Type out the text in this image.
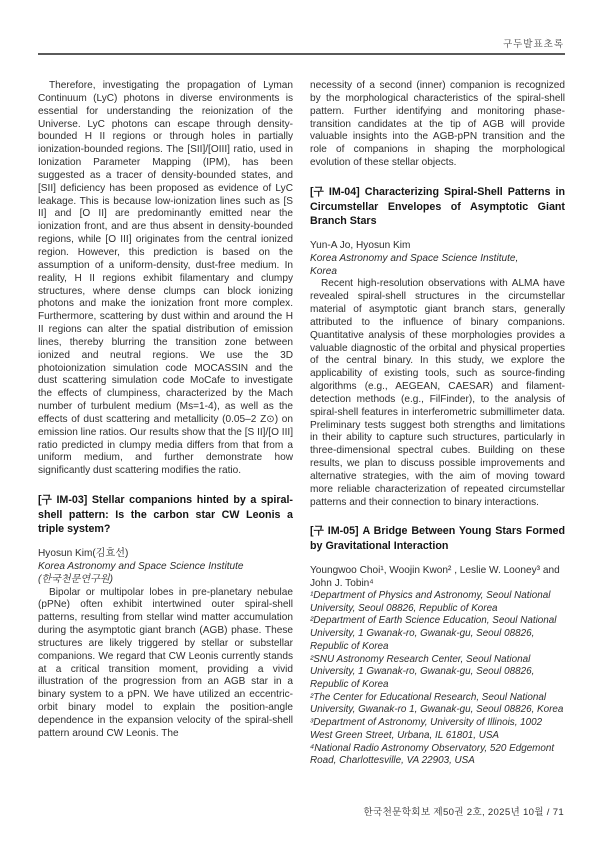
구두발표초록

Therefore, investigating the propagation of Lyman Continuum (LyC) photons in diverse environments is essential for understanding the reionization of the Universe. LyC photons can escape through density-bounded H II regions or through holes in partially ionization-bounded regions. The [SII]/[OIII] ratio, used in Ionization Parameter Mapping (IPM), has been suggested as a tracer of density-bounded states, and [SII] deficiency has been proposed as evidence of LyC leakage. This is because low-ionization lines such as [S II] and [O II] are predominantly emitted near the ionization front, and are thus absent in density-bounded regions, while [O III] originates from the central ionized region. However, this prediction is based on the assumption of a uniform-density, dust-free medium. In reality, H II regions exhibit filamentary and clumpy structures, where dense clumps can block ionizing photons and make the ionization front more complex. Furthermore, scattering by dust within and around the H II regions can alter the spatial distribution of emission lines, thereby blurring the transition zone between ionized and neutral regions. We use the 3D photoionization simulation code MOCASSIN and the dust scattering simulation code MoCafe to investigate the effects of clumpiness, characterized by the Mach number of turbulent medium (Ms=1-4), as well as the effects of dust scattering and metallicity (0.05–2 Z⊙) on emission line ratios. Our results show that the [S II]/[O III] ratio predicted in clumpy media differs from that from a uniform medium, and further demonstrate how significantly dust scattering modifies the ratio.

[구 IM-03] Stellar companions hinted by a spiral-shell pattern: Is the carbon star CW Leonis a triple system?
Hyosun Kim(김효선)
Korea Astronomy and Space Science Institute
(한국천문연구원)

Bipolar or multipolar lobes in pre-planetary nebulae (pPNe) often exhibit intertwined outer spiral-shell patterns, resulting from stellar wind matter accumulation during the asymptotic giant branch (AGB) phase. These structures are likely triggered by stellar or substellar companions. We regard that CW Leonis currently stands at a critical transition moment, providing a vivid illustration of the progression from an AGB star in a binary system to a pPN. We have utilized an eccentric-orbit binary model to explain the position-angle dependence in the expansion velocity of the spiral-shell pattern around CW Leonis. The

necessity of a second (inner) companion is recognized by the morphological characteristics of the spiral-shell pattern. Further identifying and monitoring phase-transition candidates at the tip of AGB will provide valuable insights into the AGB-pPN transition and the role of companions in shaping the morphological evolution of these stellar objects.

[구 IM-04] Characterizing Spiral-Shell Patterns in Circumstellar Envelopes of Asymptotic Giant Branch Stars
Yun-A Jo, Hyosun Kim
Korea Astronomy and Space Science Institute,
Korea

Recent high-resolution observations with ALMA have revealed spiral-shell structures in the circumstellar material of asymptotic giant branch stars, generally attributed to the influence of binary companions. Quantitative analysis of these morphologies provides a valuable diagnostic of the orbital and physical properties of the central binary. In this study, we explore the applicability of existing tools, such as source-finding algorithms (e.g., AEGEAN, CAESAR) and filament-detection methods (e.g., FilFinder), to the analysis of spiral-shell features in interferometric submillimeter data. Preliminary tests suggest both strengths and limitations in their ability to capture such structures, particularly in three-dimensional spectral cubes. Building on these results, we plan to discuss possible improvements and alternative strategies, with the aim of moving toward more reliable characterization of repeated circumstellar patterns and their connection to binary interactions.

[구 IM-05] A Bridge Between Young Stars Formed by Gravitational Interaction
Youngwoo Choi¹, Woojin Kwon² , Leslie W. Looney³ and John J. Tobin⁴
¹Department of Physics and Astronomy, Seoul National University, Seoul 08826, Republic of Korea
²Department of Earth Science Education, Seoul National University, 1 Gwanak-ro, Gwanak-gu, Seoul 08826, Republic of Korea
²SNU Astronomy Research Center, Seoul National University, 1 Gwanak-ro, Gwanak-gu, Seoul 08826, Republic of Korea
²The Center for Educational Research, Seoul National University, Gwanak-ro 1, Gwanak-gu, Seoul 08826, Korea
³Department of Astronomy, University of Illinois, 1002 West Green Street, Urbana, IL 61801, USA
⁴National Radio Astronomy Observatory, 520 Edgemont Road, Charlottesville, VA 22903, USA
한국천문학회보 제50권 2호, 2025년 10월 / 71
